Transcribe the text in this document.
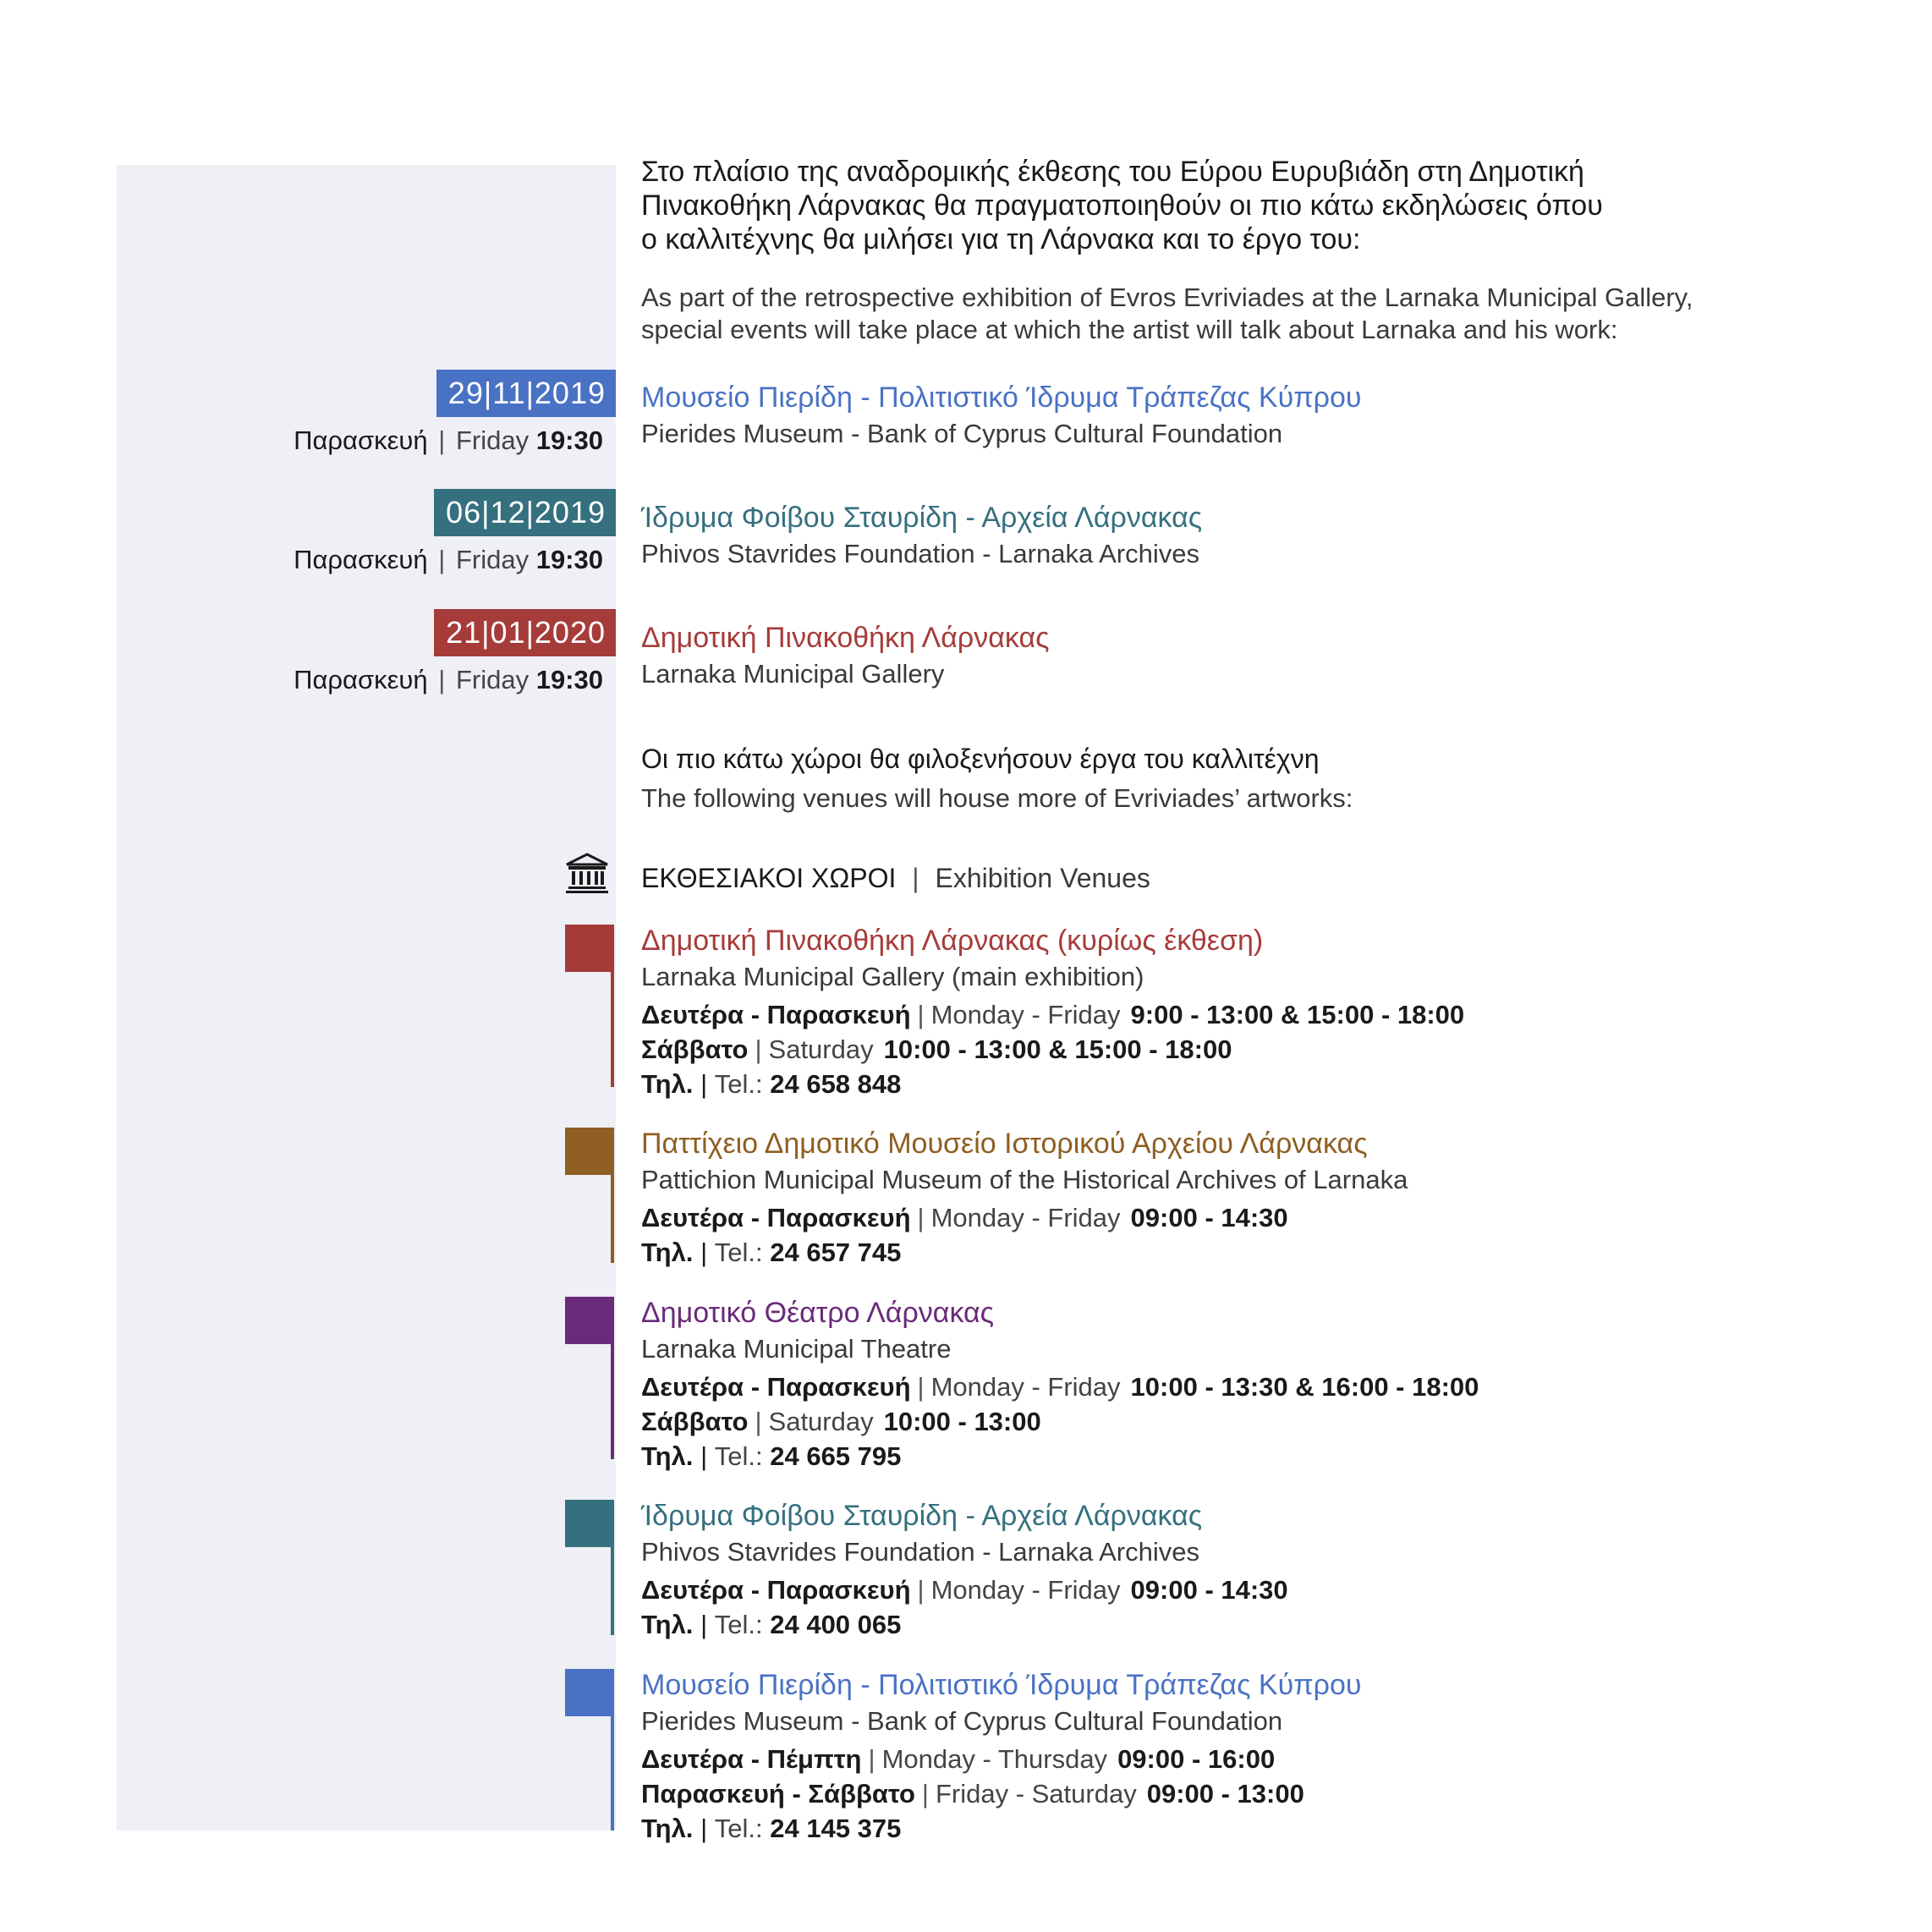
Στο πλαίσιο της αναδρομικής έκθεσης του Εύρου Ευρυβιάδη στη Δημοτική
Πινακοθήκη Λάρνακας θα πραγματοποιηθούν οι πιο κάτω εκδηλώσεις όπου
ο καλλιτέχνης θα μιλήσει για τη Λάρνακα και το έργο του:
As part of the retrospective exhibition of Evros Evriviades at the Larnaka Municipal Gallery,
special events will take place at which the artist will talk about Larnaka and his work:
29|11|2019
Παρασκευή | Friday 19:30
Μουσείο Πιερίδη - Πολιτιστικό Ίδρυμα Τράπεζας Κύπρου
Pierides Museum - Bank of Cyprus Cultural Foundation
06|12|2019
Παρασκευή | Friday 19:30
Ίδρυμα Φοίβου Σταυρίδη - Αρχεία Λάρνακας
Phivos Stavrides Foundation - Larnaka Archives
21|01|2020
Παρασκευή | Friday 19:30
Δημοτική Πινακοθήκη Λάρνακας
Larnaka Municipal Gallery
Οι πιο κάτω χώροι θα φιλοξενήσουν έργα του καλλιτέχνη
The following venues will house more of Evriviades’ artworks:
ΕΚΘΕΣΙΑΚΟΙ ΧΩΡΟΙ | Exhibition Venues
Δημοτική Πινακοθήκη Λάρνακας (κυρίως έκθεση)
Larnaka Municipal Gallery (main exhibition)
Δευτέρα - Παρασκευή | Monday - Friday 9:00 - 13:00 & 15:00 - 18:00
Σάββατο | Saturday 10:00 - 13:00 & 15:00 - 18:00
Τηλ. | Tel.: 24 658 848
Παττίχειο Δημοτικό Μουσείο Ιστορικού Αρχείου Λάρνακας
Pattichion Municipal Museum of the Historical Archives of Larnaka
Δευτέρα - Παρασκευή | Monday - Friday 09:00 - 14:30
Τηλ. | Tel.: 24 657 745
Δημοτικό Θέατρο Λάρνακας
Larnaka Municipal Theatre
Δευτέρα - Παρασκευή | Monday - Friday 10:00 - 13:30 & 16:00 - 18:00
Σάββατο | Saturday 10:00 - 13:00
Τηλ. | Tel.: 24 665 795
Ίδρυμα Φοίβου Σταυρίδη - Αρχεία Λάρνακας
Phivos Stavrides Foundation - Larnaka Archives
Δευτέρα - Παρασκευή | Monday - Friday 09:00 - 14:30
Τηλ. | Tel.: 24 400 065
Μουσείο Πιερίδη - Πολιτιστικό Ίδρυμα Τράπεζας Κύπρου
Pierides Museum - Bank of Cyprus Cultural Foundation
Δευτέρα - Πέμπτη | Monday - Thursday 09:00 - 16:00
Παρασκευή - Σάββατο | Friday - Saturday 09:00 - 13:00
Τηλ. | Tel.: 24 145 375
